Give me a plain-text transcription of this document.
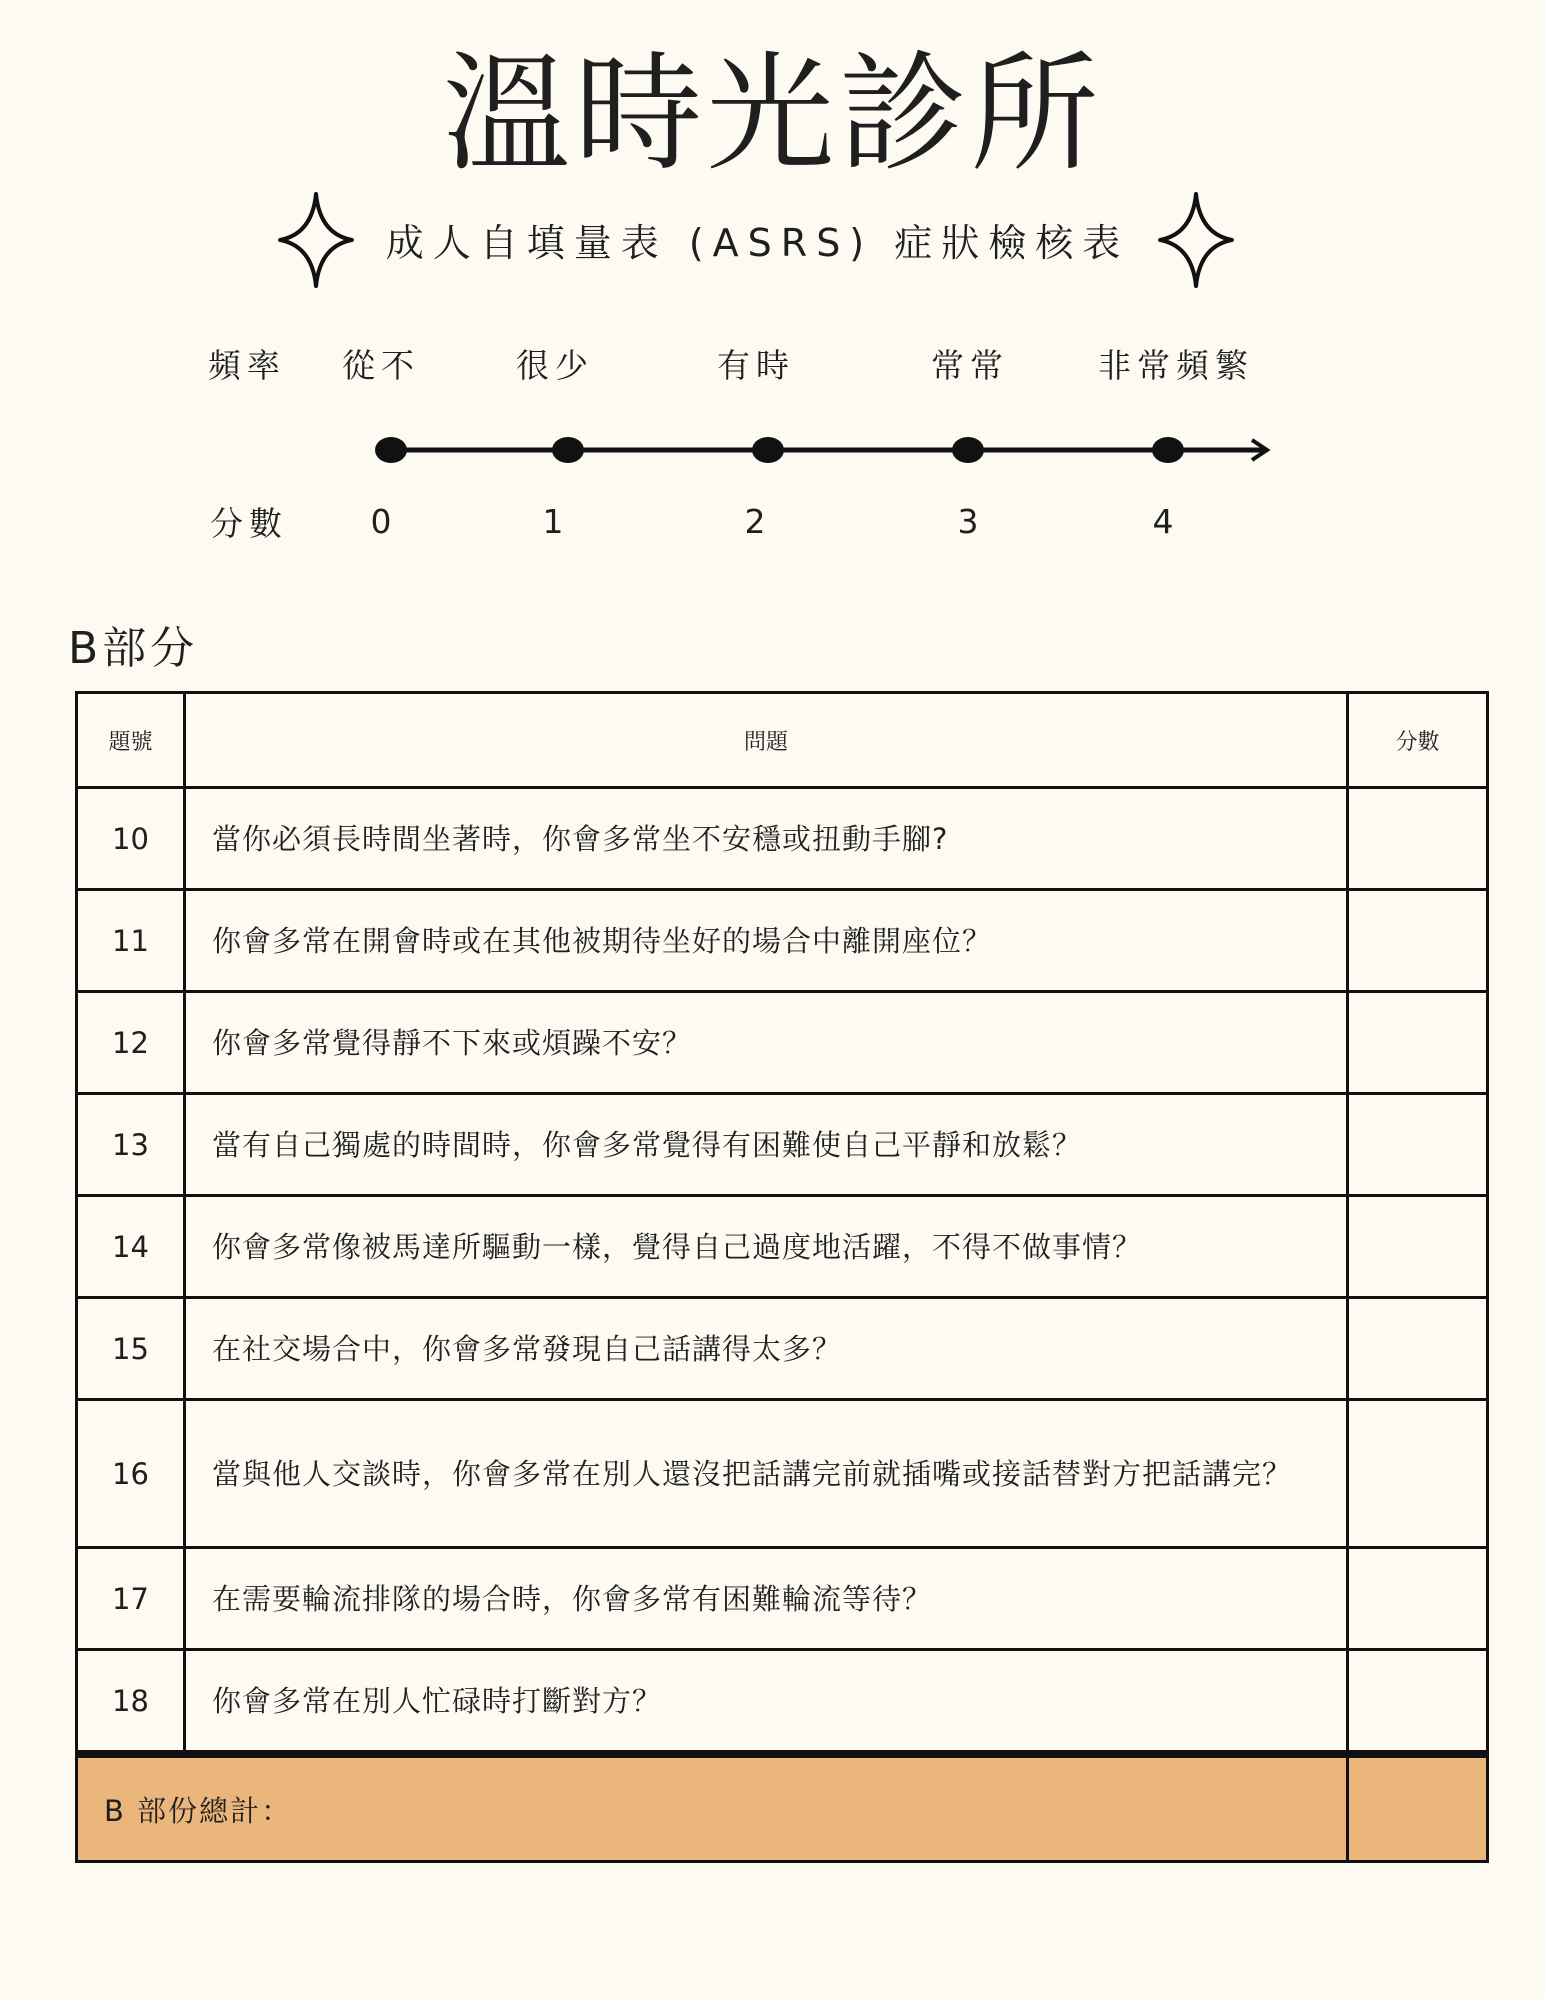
溫時光診所
成人自填量表 (ASRS) 症狀檢核表
頻率 從不	很少	有時	常常	非常頻繁
分數	0	1	2	3	4
B部分
題號	問題	分數
10	當你必須長時間坐著時，你會多常坐不安穩或扭動手腳?	
11	你會多常在開會時或在其他被期待坐好的場合中離開座位？	
12	你會多常覺得靜不下來或煩躁不安？	
13	當有自己獨處的時間時，你會多常覺得有困難使自己平靜和放鬆？	
14	你會多常像被馬達所驅動一樣，覺得自己過度地活躍，不得不做事情？	
15	在社交場合中，你會多常發現自己話講得太多？	
16	當與他人交談時，你會多常在別人還沒把話講完前就插嘴或接話替對方把話講完？	
17	在需要輪流排隊的場合時，你會多常有困難輪流等待？	
18	你會多常在別人忙碌時打斷對方？	
B 部份總計：		
